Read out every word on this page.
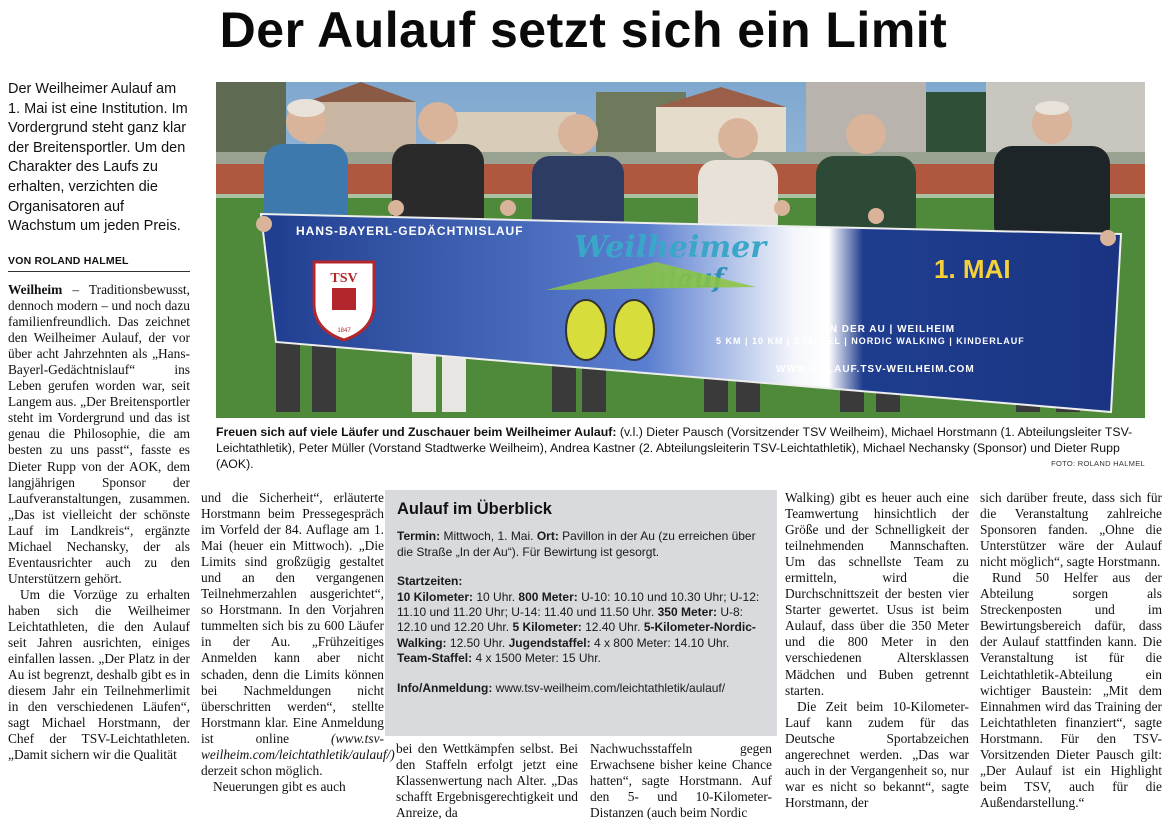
Der Aulauf setzt sich ein Limit
Der Weilheimer Aulauf am 1. Mai ist eine Institution. Im Vordergrund steht ganz klar der Breitensportler. Um den Charakter des Laufs zu erhalten, verzichten die Organisatoren auf Wachstum um jeden Preis.
VON ROLAND HALMEL

Weilheim – Traditionsbewusst, dennoch modern – und noch dazu familienfreundlich. Das zeichnet den Weilheimer Aulauf, der vor über acht Jahrzehnten als „Hans-Bayerl-Gedächtnislauf“ ins Leben gerufen worden war, seit Langem aus. „Der Breitensportler steht im Vordergrund und das ist genau die Philosophie, die am besten zu uns passt“, fasste es Dieter Rupp von der AOK, dem langjährigen Sponsor der Laufveranstaltungen, zusammen. „Das ist vielleicht der schönste Lauf im Landkreis“, ergänzte Michael Nechansky, der als Eventausrichter auch zu den Unterstützern gehört.

Um die Vorzüge zu erhalten haben sich die Weilheimer Leichtathleten, die den Aulauf seit Jahren ausrichten, einiges einfallen lassen. „Der Platz in der Au ist begrenzt, deshalb gibt es in diesem Jahr ein Teilnehmerlimit in den verschiedenen Läufen“, sagt Michael Horstmann, der Chef der TSV-Leichtathleten. „Damit sichern wir die Qualität

HANS-BAYERL-GEDÄCHTNISLAUF
TSV
1847
Weilheimer
1. MAI
IN DER AU | WEILHEIM
5 KM | 10 KM | STAFFEL | NORDIC WALKING | KINDERLAUF
WWW.AULAUF.TSV-WEILHEIM.COM
Freuen sich auf viele Läufer und Zuschauer beim Weilheimer Aulauf: (v.l.) Dieter Pausch (Vorsitzender TSV Weilheim), Michael Horstmann (1. Abteilungsleiter TSV-Leichtathletik), Peter Müller (Vorstand Stadtwerke Weilheim), Andrea Kastner (2. Abteilungsleiterin TSV-Leichtathletik), Michael Nechansky (Sponsor) und Dieter Rupp (AOK).	FOTO: ROLAND HALMEL

und die Sicherheit“, erläuterte Horstmann beim Pressegespräch im Vorfeld der 84. Auflage am 1. Mai (heuer ein Mittwoch). „Die Limits sind großzügig gestaltet und an den vergangenen Teilnehmerzahlen ausgerichtet“, so Horstmann. In den Vorjahren tummelten sich bis zu 600 Läufer in der Au. „Frühzeitiges Anmelden kann aber nicht schaden, denn die Limits können bei Nachmeldungen nicht überschritten werden“, stellte Horstmann klar. Eine Anmeldung ist online (www.tsv-weilheim.com/leichtathletik/aulauf/) derzeit schon möglich.

Neuerungen gibt es auch

Aulauf im Überblick
Termin: Mittwoch, 1. Mai. Ort: Pavillon in der Au (zu erreichen über die Straße „In der Au“). Für Bewirtung ist gesorgt.
Startzeiten:
10 Kilometer: 10 Uhr. 800 Meter: U-10: 10.10 und 10.30 Uhr; U-12: 11.10 und 11.20 Uhr; U-14: 11.40 und 11.50 Uhr. 350 Meter: U-8: 12.10 und 12.20 Uhr. 5 Kilometer: 12.40 Uhr. 5-Kilometer-Nordic-Walking: 12.50 Uhr. Jugendstaffel: 4 x 800 Meter: 14.10 Uhr. Team-Staffel: 4 x 1500 Meter: 15 Uhr.
Info/Anmeldung: www.tsv-weilheim.com/leichtathletik/aulauf/
bei den Wettkämpfen selbst. Bei den Staffeln erfolgt jetzt eine Klassenwertung nach Alter. „Das schafft Ergebnisgerechtigkeit und Anreize, da
Nachwuchsstaffeln gegen Erwachsene bisher keine Chance hatten“, sagte Horstmann. Auf den 5- und 10-Kilometer-Distanzen (auch beim Nordic

Walking) gibt es heuer auch eine Teamwertung hinsichtlich der Größe und der Schnelligkeit der teilnehmenden Mannschaften. Um das schnellste Team zu ermitteln, wird die Durchschnittszeit der besten vier Starter gewertet. Usus ist beim Aulauf, dass über die 350 Meter und die 800 Meter in den verschiedenen Altersklassen Mädchen und Buben getrennt starten.

Die Zeit beim 10-Kilometer-Lauf kann zudem für das Deutsche Sportabzeichen angerechnet werden. „Das war auch in der Vergangenheit so, nur war es nicht so bekannt“, sagte Horstmann, der

sich darüber freute, dass sich für die Veranstaltung zahlreiche Sponsoren fanden. „Ohne die Unterstützer wäre der Aulauf nicht möglich“, sagte Horstmann.

Rund 50 Helfer aus der Abteilung sorgen als Streckenposten und im Bewirtungsbereich dafür, dass der Aulauf stattfinden kann. Die Veranstaltung ist für die Leichtathletik-Abteilung ein wichtiger Baustein: „Mit dem Einnahmen wird das Training der Leichtathleten finanziert“, sagte Horstmann. Für den TSV-Vorsitzenden Dieter Pausch gilt: „Der Aulauf ist ein Highlight beim TSV, auch für die Außendarstellung.“
